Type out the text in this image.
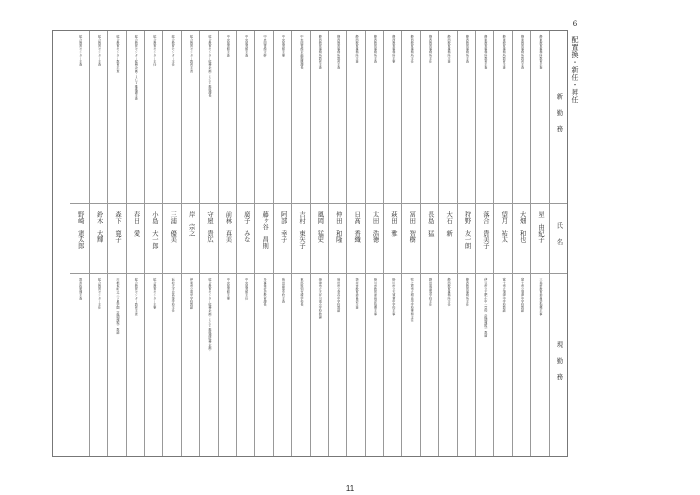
6　配置換・新任・昇任
新勤務
氏名
現勤務
静東教育事務所教育主査
星　由紀子
三島市教育委員会指導主事
静東教育事務所教育主査
大畑　和也
富士市立須津中学校教諭
静東教育事務所教育主査
望月　祐太
富士市立須津中学校教諭
静東教育事務所教育主査
落合　貴美子
伊豆市立土肥小中一貫校（後期課程）教諭
静西教育事務所主査
狩野　友一朗
静西教育事務所主任
静西教育事務所主査
大石　新
静西教育事務所主任
静西教育事務所主任
長島　猛
磐田南高等学校主任
静西教育事務所主任
冨田　智樹
牧之原市立相良中学校事務主任
静西教育事務所主事
萩田　雅
掛川市立大須賀中学校主事
静西教育事務所主査
太田　浩徳
掛川市教育委員会指導主事
静西教育事務所主査
日髙　香織
袋井市教育委員会主査
静西教育事務所教育主査
仲田　和隆
島田市立金谷中学校教諭
静西教育事務所教育主査
風岡　猛史
焼津市立大井川南小学校教諭
中央図書館企画振興課長
吉村　東矢子
東部特別支援学校長
中央図書館主事
阿部　幸子
島田高等学校主査
中央図書館主幹
藤ヶ谷　昌則
多事業社会教育課長
中央図書館主査
廣子　みな
中央図書館主任
中央図書館主査
前林　真美
中央図書館主事
総合教育センター総務企画・ＩＣＴ推進課長
守屋　貴広
総合教育センター総務企画・ＩＣＴ推進課総務企画・
総合教育センター教育主査
岸　宗之
伊東市立南中学校教諭
総合教育センター主任
三浦　優美
浜松大平台高等学校主任
総合教育センター主任
小島　大一郎
総合教育センター主事
総合教育センター総務企画・ＩＣＴ推進課主査
春日　愛
総合教育センター教育主査
総合教育センター教育主査
森下　寛子
川根本町立三ツ星学園（後期課程）教諭
総合教育センター主査
鈴木　大輝
総合教育センター主任
総合教育センター主査
野崎　憲太郎
教育政策課主査
11
